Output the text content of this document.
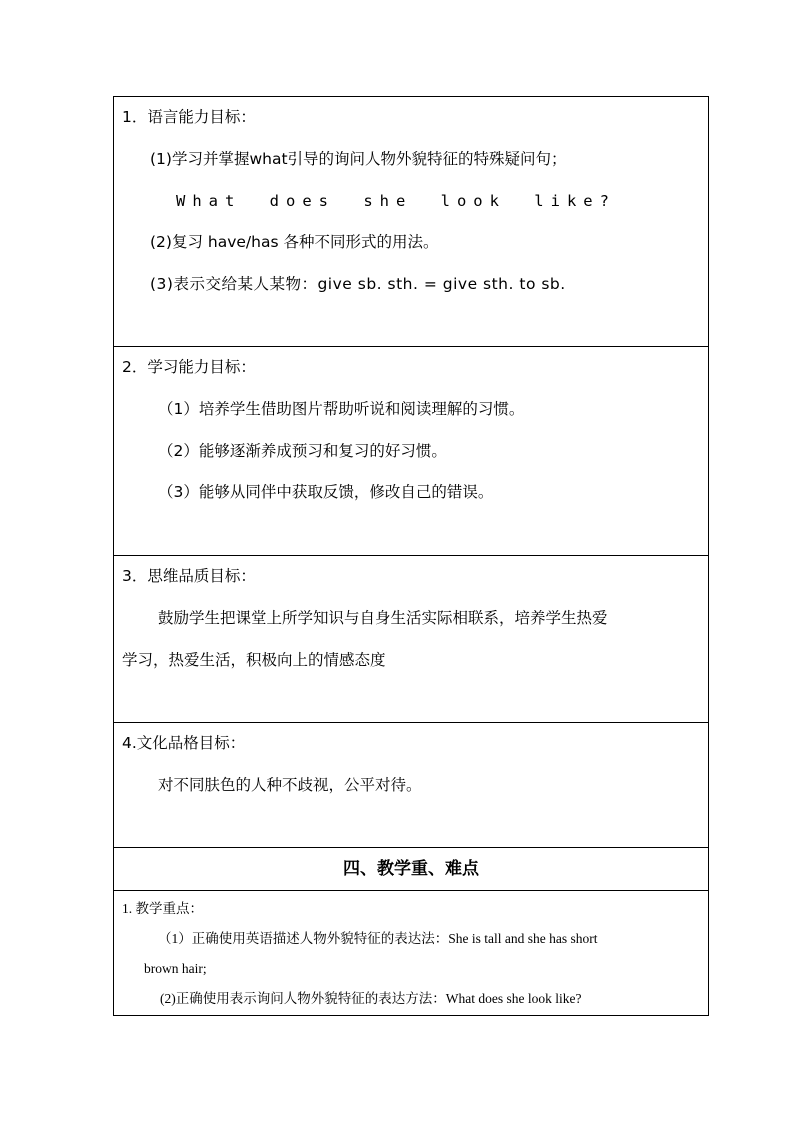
1．语言能力目标：
(1)学习并掌握what引导的询问人物外貌特征的特殊疑问句；
What does she look like?
(2)复习 have/has 各种不同形式的用法。
(3)表示交给某人某物：give sb. sth. = give sth. to sb.
2．学习能力目标：
（1）培养学生借助图片帮助听说和阅读理解的习惯。
（2）能够逐渐养成预习和复习的好习惯。
（3）能够从同伴中获取反馈，修改自己的错误。
3．思维品质目标：
鼓励学生把课堂上所学知识与自身生活实际相联系，培养学生热爱
学习，热爱生活，积极向上的情感态度
4.文化品格目标：
对不同肤色的人种不歧视，公平对待。
四、教学重、难点
1. 教学重点：
（1）正确使用英语描述人物外貌特征的表达法：She is tall and she has short
brown hair;
(2)正确使用表示询问人物外貌特征的表达方法：What does she look like?
